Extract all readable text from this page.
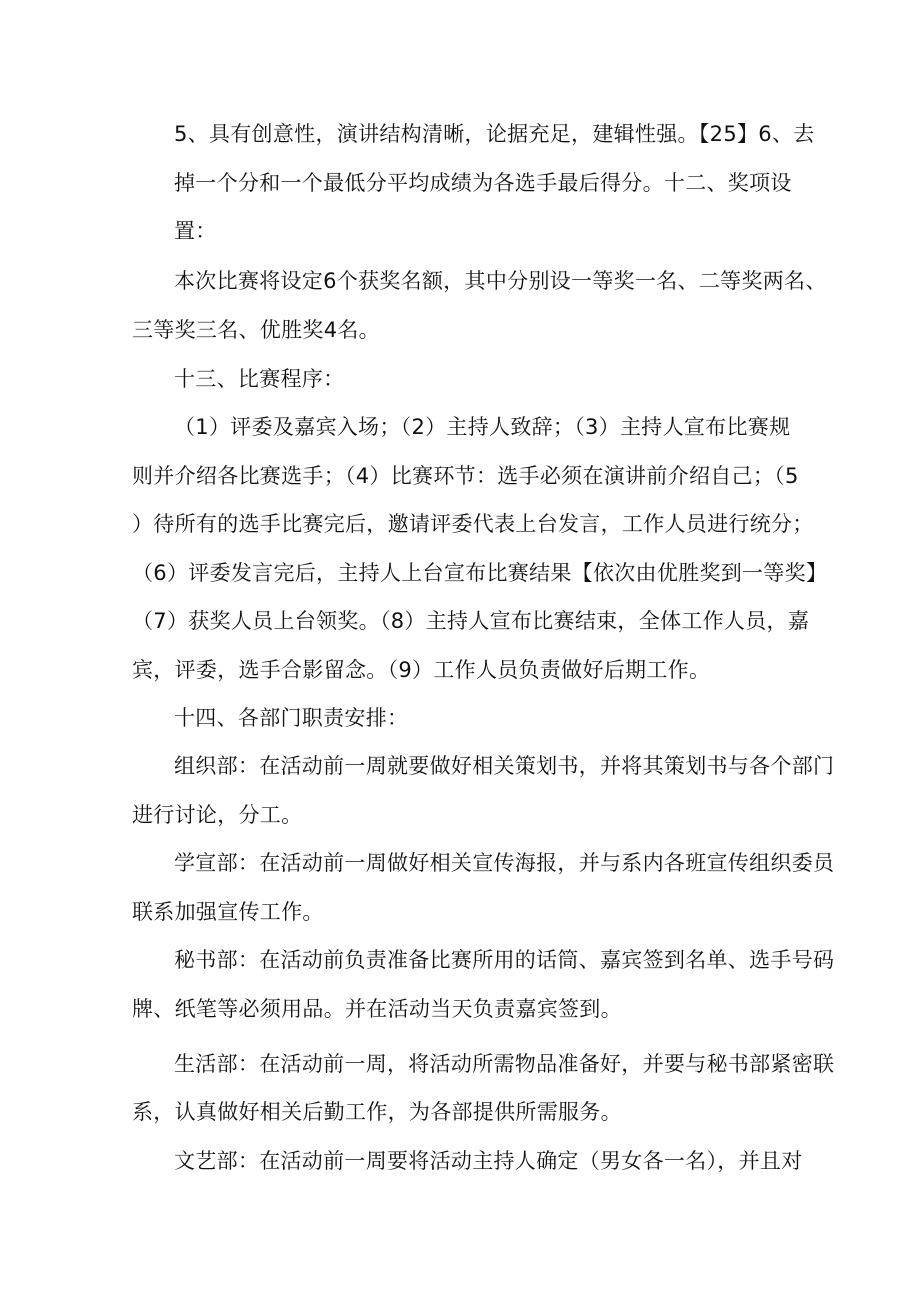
5、具有创意性，演讲结构清晰，论据充足，建辑性强。【25】6、去
掉一个分和一个最低分平均成绩为各选手最后得分。十二、奖项设
置：
本次比赛将设定6个获奖名额，其中分别设一等奖一名、二等奖两名、
三等奖三名、优胜奖4名。
十三、比赛程序：
（1）评委及嘉宾入场；（2）主持人致辞；（3）主持人宣布比赛规
则并介绍各比赛选手；（4）比赛环节：选手必须在演讲前介绍自己；（5
）待所有的选手比赛完后，邀请评委代表上台发言，工作人员进行统分；
（6）评委发言完后，主持人上台宣布比赛结果【依次由优胜奖到一等奖】
（7）获奖人员上台领奖。（8）主持人宣布比赛结束，全体工作人员，嘉
宾，评委，选手合影留念。（9）工作人员负责做好后期工作。
十四、各部门职责安排：
组织部：在活动前一周就要做好相关策划书，并将其策划书与各个部门
进行讨论，分工。
学宣部：在活动前一周做好相关宣传海报，并与系内各班宣传组织委员
联系加强宣传工作。
秘书部：在活动前负责准备比赛所用的话筒、嘉宾签到名单、选手号码
牌、纸笔等必须用品。并在活动当天负责嘉宾签到。
生活部：在活动前一周，将活动所需物品准备好，并要与秘书部紧密联
系，认真做好相关后勤工作，为各部提供所需服务。
文艺部：在活动前一周要将活动主持人确定（男女各一名），并且对
